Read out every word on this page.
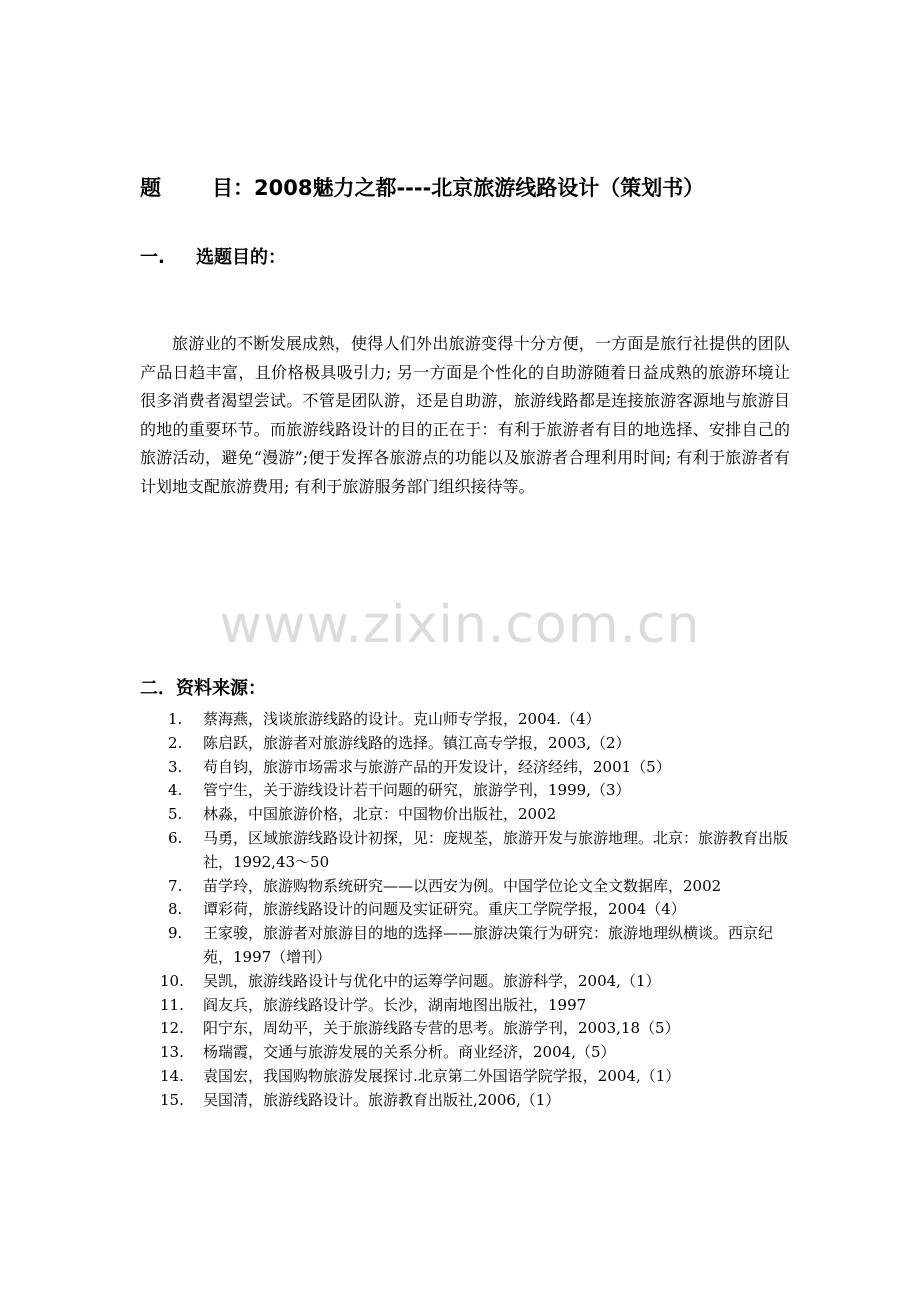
题 目：2008魅力之都----北京旅游线路设计（策划书）
一. 选题目的：

旅游业的不断发展成熟，使得人们外出旅游变得十分方便，一方面是旅行社提供的团队产品日趋丰富，且价格极具吸引力; 另一方面是个性化的自助游随着日益成熟的旅游环境让很多消费者渴望尝试。不管是团队游，还是自助游，旅游线路都是连接旅游客源地与旅游目的地的重要环节。而旅游线路设计的目的正在于：有利于旅游者有目的地选择、安排自己的旅游活动，避免“漫游”;便于发挥各旅游点的功能以及旅游者合理利用时间; 有利于旅游者有计划地支配旅游费用; 有利于旅游服务部门组织接待等。

www.zixin.com.cn
二．资料来源：
1.	蔡海燕，浅谈旅游线路的设计。克山师专学报，2004.（4）
2.	陈启跃，旅游者对旅游线路的选择。镇江高专学报，2003,（2）
3.	苟自钧，旅游市场需求与旅游产品的开发设计，经济经纬，2001（5）
4.	管宁生，关于游线设计若干问题的研究，旅游学刊，1999,（3）
5.	林淼，中国旅游价格，北京：中国物价出版社，2002
6.	马勇，区域旅游线路设计初探，见：庞规荃，旅游开发与旅游地理。北京：旅游教育出版社，1992,43～50
7.	苗学玲，旅游购物系统研究——以西安为例。中国学位论文全文数据库，2002
8.	谭彩荷，旅游线路设计的问题及实证研究。重庆工学院学报，2004（4）
9.	王家骏，旅游者对旅游目的地的选择——旅游决策行为研究：旅游地理纵横谈。西京纪苑，1997（增刊）
10.	吴凯，旅游线路设计与优化中的运筹学问题。旅游科学，2004,（1）
11.	阎友兵，旅游线路设计学。长沙，湖南地图出版社，1997
12.	阳宁东，周幼平，关于旅游线路专营的思考。旅游学刊，2003,18（5）
13.	杨瑞霞，交通与旅游发展的关系分析。商业经济，2004,（5）
14.	袁国宏，我国购物旅游发展探讨.北京第二外国语学院学报，2004,（1）
15.	吴国清，旅游线路设计。旅游教育出版社,2006,（1）
